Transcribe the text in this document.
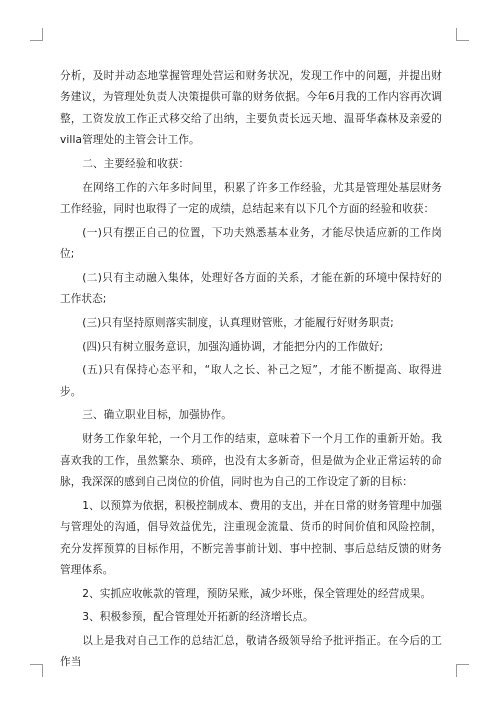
分析，及时并动态地掌握管理处营运和财务状况，发现工作中的问题，并提出财务建议，为管理处负责人决策提供可靠的财务依据。今年6月我的工作内容再次调整，工资发放工作正式移交给了出纳，主要负责长远天地、温哥华森林及亲爱的villa管理处的主管会计工作。

二、主要经验和收获：

在网络工作的六年多时间里，积累了许多工作经验，尤其是管理处基层财务工作经验，同时也取得了一定的成绩，总结起来有以下几个方面的经验和收获：

(一)只有摆正自己的位置，下功夫熟悉基本业务，才能尽快适应新的工作岗位;

(二)只有主动融入集体，处理好各方面的关系，才能在新的环境中保持好的工作状态;

(三)只有坚持原则落实制度，认真理财管账，才能履行好财务职责;

(四)只有树立服务意识，加强沟通协调，才能把分内的工作做好;

(五)只有保持心态平和，“取人之长、补己之短”，才能不断提高、取得进步。

三、确立职业目标，加强协作。

财务工作象年轮，一个月工作的结束，意味着下一个月工作的重新开始。我喜欢我的工作，虽然繁杂、琐碎，也没有太多新奇，但是做为企业正常运转的命脉，我深深的感到自己岗位的价值，同时也为自己的工作设定了新的目标：

1、以预算为依据，积极控制成本、费用的支出，并在日常的财务管理中加强与管理处的沟通，倡导效益优先，注重现金流量、货币的时间价值和风险控制，充分发挥预算的目标作用，不断完善事前计划、事中控制、事后总结反馈的财务管理体系。

2、实抓应收帐款的管理，预防呆账，减少坏账，保全管理处的经营成果。

3、积极参预，配合管理处开拓新的经济增长点。

以上是我对自己工作的总结汇总，敬请各级领导给予批评指正。在今后的工作当
